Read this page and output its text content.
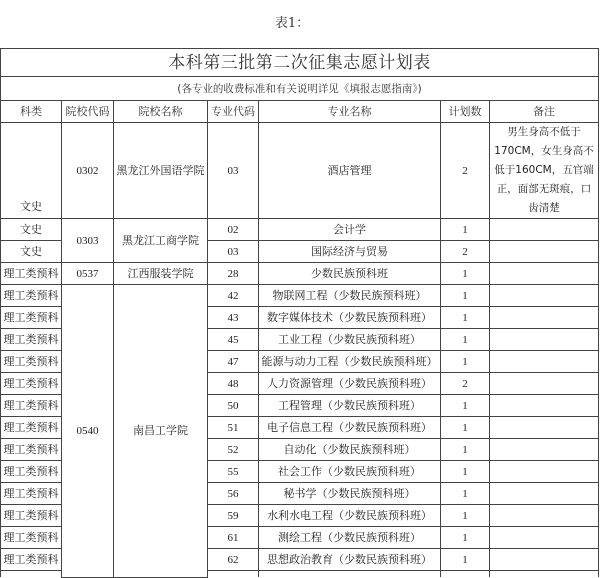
表1：
本科第三批第二次征集志愿计划表						
(各专业的收费标准和有关说明详见《填报志愿指南》)						
科类	院校代码	院校名称	专业代码	专业名称	计划数	备注
文史	0302	黑龙江外国语学院	03	酒店管理	2	男生身高不低于170CM，女生身高不低于160CM，五官端正，面部无斑痕，口齿清楚
文史	0303	黑龙江工商学院	02	会计学	1	
文史			03	国际经济与贸易	2	
理工类预科	0537	江西服装学院	28	少数民族预科班	1	
理工类预科	0540	南昌工学院	42	物联网工程（少数民族预科班）	1	
理工类预科			43	数字媒体技术（少数民族预科班）	1	
理工类预科			45	工业工程（少数民族预科班）	1	
理工类预科			47	能源与动力工程（少数民族预科班）	1	
理工类预科			48	人力资源管理（少数民族预科班）	2	
理工类预科			50	工程管理（少数民族预科班）	1	
理工类预科			51	电子信息工程（少数民族预科班）	1	
理工类预科			52	自动化（少数民族预科班）	1	
理工类预科			55	社会工作（少数民族预科班）	1	
理工类预科			56	秘书学（少数民族预科班）	1	
理工类预科			59	水利水电工程（少数民族预科班）	1	
理工类预科			61	测绘工程（少数民族预科班）	1	
理工类预科			62	思想政治教育（少数民族预科班）	1	
